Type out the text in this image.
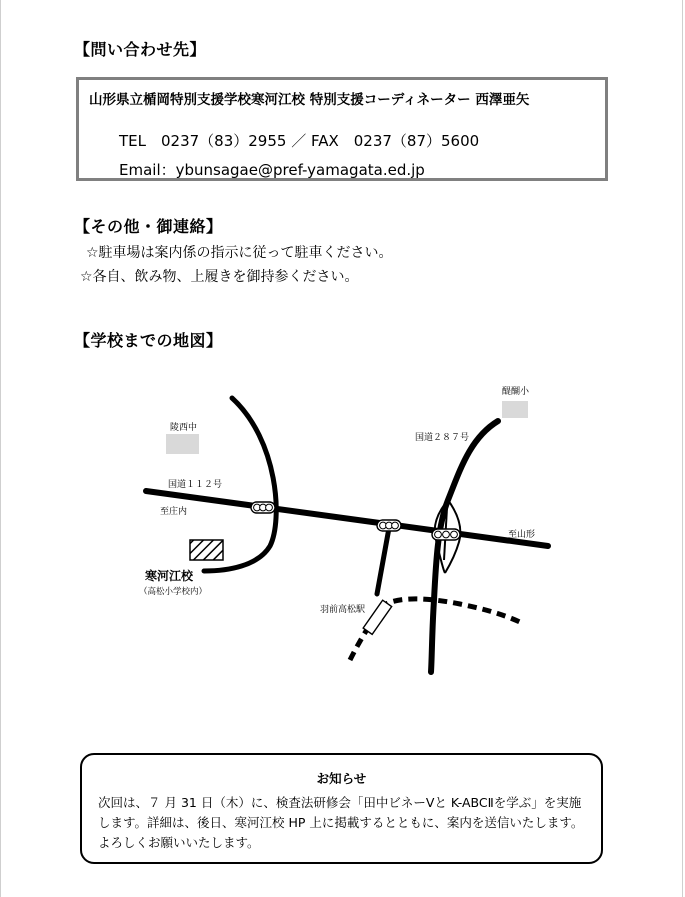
【問い合わせ先】
山形県立楯岡特別支援学校寒河江校 特別支援コーディネーター 西澤亜矢
TEL　0237（83）2955 ／ FAX　0237（87）5600
Email：ybunsagae@pref-yamagata.ed.jp
【その他・御連絡】
☆駐車場は案内係の指示に従って駐車ください。
☆各自、飲み物、上履きを御持参ください。
【学校までの地図】
醍醐小
陵西中
国道２８７号
国道１１２号
至庄内
至山形
寒河江校
（高松小学校内）
羽前高松駅
お知らせ
次回は、７ 月 31 日（木）に、検査法研修会「田中ビネーⅤと K-ABCⅡを学ぶ」を実施
します。詳細は、後日、寒河江校 HP 上に掲載するとともに、案内を送信いたします。
よろしくお願いいたします。
